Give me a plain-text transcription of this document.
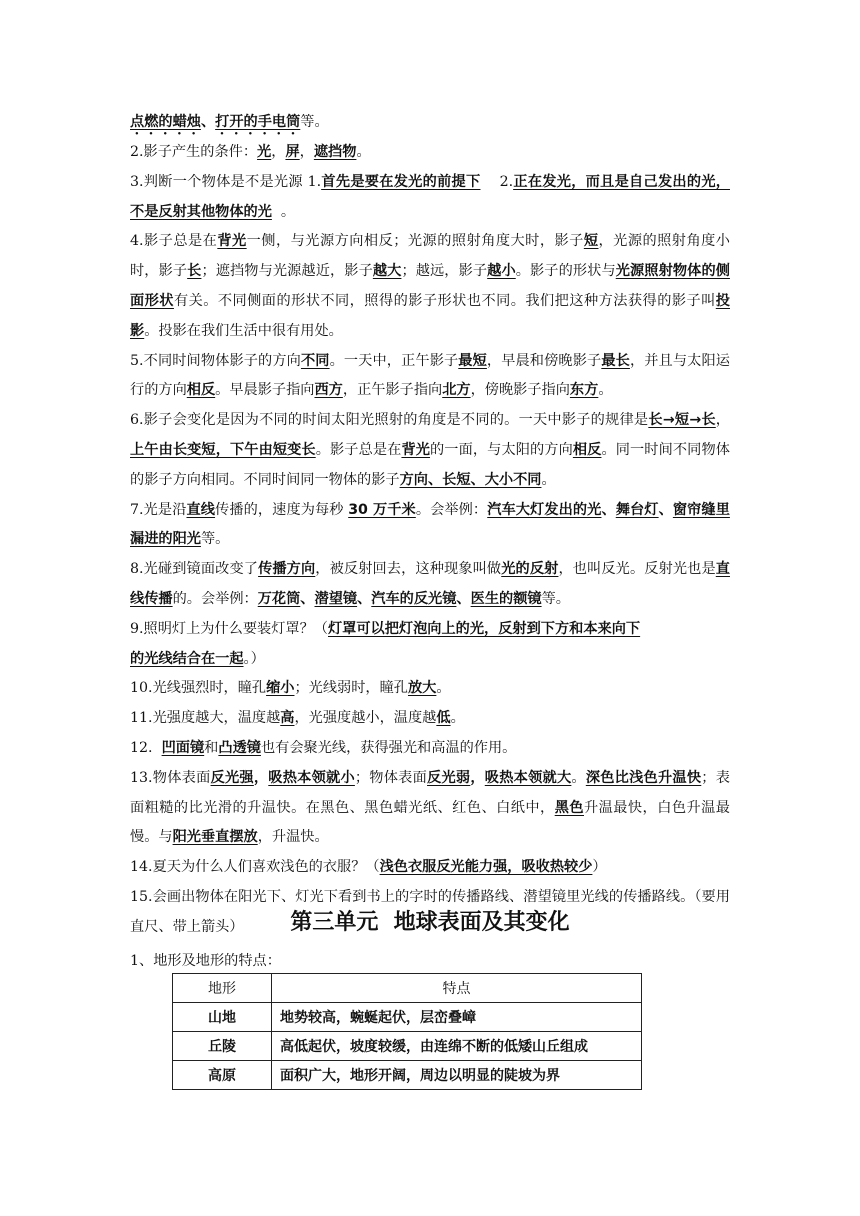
点燃的蜡烛、打开的手电筒等。

2.影子产生的条件：光，屏，遮挡物。

3.判断一个物体是不是光源 1.首先是要在发光的前提下    2.正在发光，而且是自己发出的光，不是反射其他物体的光  。

4.影子总是在背光一侧，与光源方向相反；光源的照射角度大时，影子短，光源的照射角度小时，影子长；遮挡物与光源越近，影子越大；越远，影子越小。影子的形状与光源照射物体的侧面形状有关。不同侧面的形状不同，照得的影子形状也不同。我们把这种方法获得的影子叫投影。投影在我们生活中很有用处。

5.不同时间物体影子的方向不同。一天中，正午影子最短，早晨和傍晚影子最长，并且与太阳运行的方向相反。早晨影子指向西方，正午影子指向北方，傍晚影子指向东方。

6.影子会变化是因为不同的时间太阳光照射的角度是不同的。一天中影子的规律是长→短→长，上午由长变短，下午由短变长。影子总是在背光的一面，与太阳的方向相反。同一时间不同物体的影子方向相同。不同时间同一物体的影子方向、长短、大小不同。

7.光是沿直线传播的，速度为每秒 30 万千米。会举例：汽车大灯发出的光、舞台灯、窗帘缝里漏进的阳光等。

8.光碰到镜面改变了传播方向，被反射回去，这种现象叫做光的反射，也叫反光。反射光也是直线传播的。会举例：万花筒、潜望镜、汽车的反光镜、医生的额镜等。

9.照明灯上为什么要装灯罩？（灯罩可以把灯泡向上的光，反射到下方和本来向下
的光线结合在一起。）

10.光线强烈时，瞳孔缩小；光线弱时，瞳孔放大。

11.光强度越大，温度越高，光强度越小，温度越低。

12.  凹面镜和凸透镜也有会聚光线，获得强光和高温的作用。

13.物体表面反光强，吸热本领就小；物体表面反光弱，吸热本领就大。深色比浅色升温快；表面粗糙的比光滑的升温快。在黑色、黑色蜡光纸、红色、白纸中，黑色升温最快，白色升温最慢。与阳光垂直摆放，升温快。

14.夏天为什么人们喜欢浅色的衣服？（浅色衣服反光能力强，吸收热较少）

15.会画出物体在阳光下、灯光下看到书上的字时的传播路线、潜望镜里光线的传播路线。（要用直尺、带上箭头）	第三单元  地球表面及其变化

1、地形及地形的特点：

地形	特点
山地	地势较高，蜿蜒起伏，层峦叠嶂
丘陵	高低起伏，坡度较缓，由连绵不断的低矮山丘组成
高原	面积广大，地形开阔，周边以明显的陡坡为界
